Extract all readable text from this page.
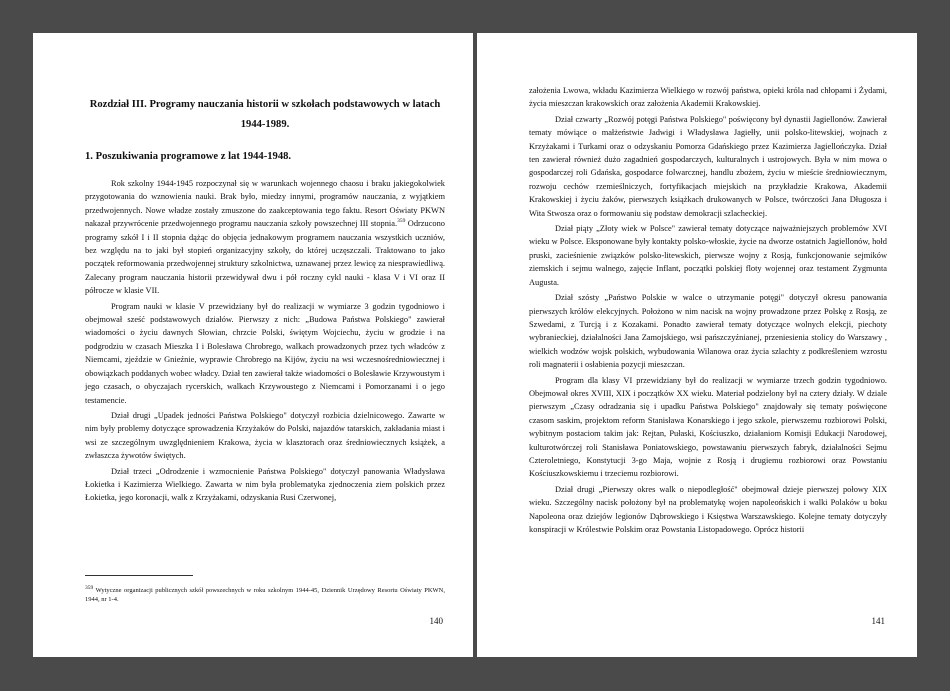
Rozdział III. Programy nauczania historii w szkołach podstawowych w latach 1944-1989.
1. Poszukiwania programowe z lat 1944-1948.

Rok szkolny 1944-1945 rozpoczynał się w warunkach wojennego chaosu i braku jakiegokolwiek przygotowania do wznowienia nauki. Brak było, miedzy innymi, programów nauczania, z wyjątkiem przedwojennych. Nowe władze zostały zmuszone do zaakceptowania tego faktu. Resort Oświaty PKWN nakazał przywrócenie przedwojennego programu nauczania szkoły powszechnej III stopnia.$^{359}$ Odrzucono programy szkół I i II stopnia dążąc do objęcia jednakowym programem nauczania wszystkich uczniów, bez względu na to jaki był stopień organizacyjny szkoły, do której uczęszczali. Traktowano to jako początek reformowania przedwojennej struktury szkolnictwa, uznawanej przez lewicę za niesprawiedliwą. Zalecany program nauczania historii przewidywał dwu i pół roczny cykl nauki - klasa V i VI oraz II półrocze w klasie VII.

Program nauki w klasie V przewidziany był do realizacji w wymiarze 3 godzin tygodniowo i obejmował sześć podstawowych działów. Pierwszy z nich: „Budowa Państwa Polskiego" zawierał wiadomości o życiu dawnych Słowian, chrzcie Polski, świętym Wojciechu, życiu w grodzie i na podgrodziu w czasach Mieszka I i Bolesława Chrobrego, walkach prowadzonych przez tych władców z Niemcami, zjeździe w Gnieźnie, wyprawie Chrobrego na Kijów, życiu na wsi wczesnośredniowiecznej i obowiązkach poddanych wobec władcy. Dział ten zawierał także wiadomości o Bolesławie Krzywoustym i jego czasach, o obyczajach rycerskich, walkach Krzywoustego z Niemcami i Pomorzanami i o jego testamencie.

Dział drugi „Upadek jedności Państwa Polskiego" dotyczył rozbicia dzielnicowego. Zawarte w nim były problemy dotyczące sprowadzenia Krzyżaków do Polski, najazdów tatarskich, zakładania miast i wsi ze szczególnym uwzględnieniem Krakowa, życia w klasztorach oraz średniowiecznych książek, a zwłaszcza żywotów świętych.

Dział trzeci „Odrodzenie i wzmocnienie Państwa Polskiego" dotyczył panowania Władysława Łokietka i Kazimierza Wielkiego. Zawarta w nim była problematyka zjednoczenia ziem polskich przez Łokietka, jego koronacji, walk z Krzyżakami, odzyskania Rusi Czerwonej,

$^{359}$ Wytyczne organizacji publicznych szkół powszechnych w roku szkolnym 1944-45, Dziennik Urzędowy Resortu Oświaty PKWN, 1944, nr 1-4.
140

założenia Lwowa, wkładu Kazimierza Wielkiego w rozwój państwa, opieki króla nad chłopami i Żydami, życia mieszczan krakowskich oraz założenia Akademii Krakowskiej.

Dział czwarty „Rozwój potęgi Państwa Polskiego" poświęcony był dynastii Jagiellonów. Zawierał tematy mówiące o małżeństwie Jadwigi i Władysława Jagiełły, unii polsko-litewskiej, wojnach z Krzyżakami i Turkami oraz o odzyskaniu Pomorza Gdańskiego przez Kazimierza Jagiellończyka. Dział ten zawierał również dużo zagadnień gospodarczych, kulturalnych i ustrojowych. Była w nim mowa o gospodarczej roli Gdańska, gospodarce folwarcznej, handlu zbożem, życiu w mieście średniowiecznym, rozwoju cechów rzemieślniczych, fortyfikacjach miejskich na przykładzie Krakowa, Akademii Krakowskiej i życiu żaków, pierwszych książkach drukowanych w Polsce, twórczości Jana Długosza i Wita Stwosza oraz o formowaniu się podstaw demokracji szlacheckiej.

Dział piąty „Złoty wiek w Polsce" zawierał tematy dotyczące najważniejszych problemów XVI wieku w Polsce. Eksponowane były kontakty polsko-włoskie, życie na dworze ostatnich Jagiellonów, hołd pruski, zacieśnienie związków polsko-litewskich, pierwsze wojny z Rosją, funkcjonowanie sejmików ziemskich i sejmu walnego, zajęcie Inflant, początki polskiej floty wojennej oraz testament Zygmunta Augusta.

Dział szósty „Państwo Polskie w walce o utrzymanie potęgi" dotyczył okresu panowania pierwszych królów elekcyjnych. Położono w nim nacisk na wojny prowadzone przez Polskę z Rosją, ze Szwedami, z Turcją i z Kozakami. Ponadto zawierał tematy dotyczące wolnych elekcji, piechoty wybranieckiej, działalności Jana Zamojskiego, wsi pańszczyźnianej, przeniesienia stolicy do Warszawy , wielkich wodzów wojsk polskich, wybudowania Wilanowa oraz życia szlachty z podkreśleniem wzrostu roli magnaterii i osłabienia pozycji mieszczan.

Program dla klasy VI przewidziany był do realizacji w wymiarze trzech godzin tygodniowo. Obejmował okres XVIII, XIX i początków XX wieku. Materiał podzielony był na cztery działy. W dziale pierwszym „Czasy odradzania się i upadku Państwa Polskiego" znajdowały się tematy poświęcone czasom saskim, projektom reform Stanisława Konarskiego i jego szkole, pierwszemu rozbiorowi Polski, wybitnym postaciom takim jak: Rejtan, Pułaski, Kościuszko, działaniom Komisji Edukacji Narodowej, kulturotwórczej roli Stanisława Poniatowskiego, powstawaniu pierwszych fabryk, działalności Sejmu Czteroletniego, Konstytucji 3-go Maja, wojnie z Rosją i drugiemu rozbiorowi oraz Powstaniu Kościuszkowskiemu i trzeciemu rozbiorowi.

Dział drugi „Pierwszy okres walk o niepodległość" obejmował dzieje pierwszej połowy XIX wieku. Szczególny nacisk położony był na problematykę wojen napoleońskich i walki Polaków u boku Napoleona oraz dziejów legionów Dąbrowskiego i Księstwa Warszawskiego. Kolejne tematy dotyczyły konspiracji w Królestwie Polskim oraz Powstania Listopadowego. Oprócz historii

141
